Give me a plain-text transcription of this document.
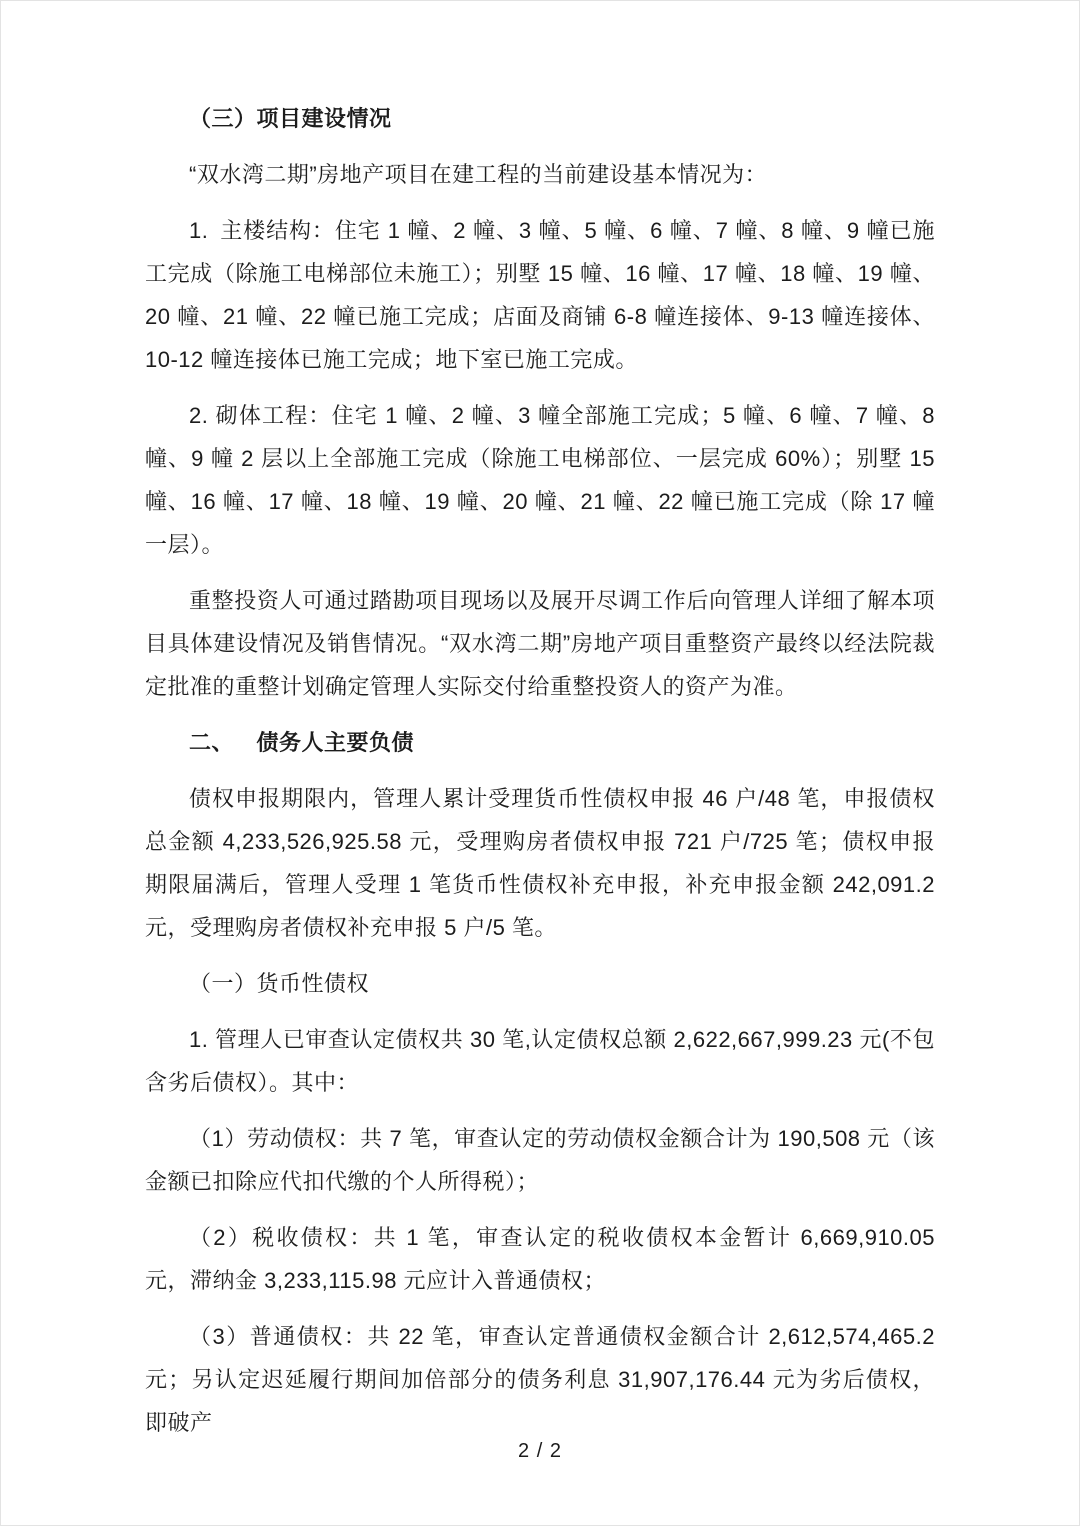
（三）项目建设情况

“双水湾二期”房地产项目在建工程的当前建设基本情况为：

1. 主楼结构：住宅 1 幢、2 幢、3 幢、5 幢、6 幢、7 幢、8 幢、9 幢已施工完成（除施工电梯部位未施工）；别墅 15 幢、16 幢、17 幢、18 幢、19 幢、20 幢、21 幢、22 幢已施工完成；店面及商铺 6-8 幢连接体、9-13 幢连接体、10-12 幢连接体已施工完成；地下室已施工完成。

2. 砌体工程：住宅 1 幢、2 幢、3 幢全部施工完成；5 幢、6 幢、7 幢、8 幢、9 幢 2 层以上全部施工完成（除施工电梯部位、一层完成 60%）；别墅 15 幢、16 幢、17 幢、18 幢、19 幢、20 幢、21 幢、22 幢已施工完成（除 17 幢一层）。

重整投资人可通过踏勘项目现场以及展开尽调工作后向管理人详细了解本项目具体建设情况及销售情况。“双水湾二期”房地产项目重整资产最终以经法院裁定批准的重整计划确定管理人实际交付给重整投资人的资产为准。

二、 债务人主要负债

债权申报期限内，管理人累计受理货币性债权申报 46 户/48 笔，申报债权总金额 4,233,526,925.58 元，受理购房者债权申报 721 户/725 笔；债权申报期限届满后，管理人受理 1 笔货币性债权补充申报，补充申报金额 242,091.2 元，受理购房者债权补充申报 5 户/5 笔。

（一）货币性债权

1. 管理人已审查认定债权共 30 笔,认定债权总额 2,622,667,999.23 元(不包含劣后债权）。其中：

（1）劳动债权：共 7 笔，审查认定的劳动债权金额合计为 190,508 元（该金额已扣除应代扣代缴的个人所得税）；

（2）税收债权：共 1 笔，审查认定的税收债权本金暂计 6,669,910.05 元，滞纳金 3,233,115.98 元应计入普通债权；

（3）普通债权：共 22 笔，审查认定普通债权金额合计 2,612,574,465.2 元；另认定迟延履行期间加倍部分的债务利息 31,907,176.44 元为劣后债权，即破产

2 / 2
